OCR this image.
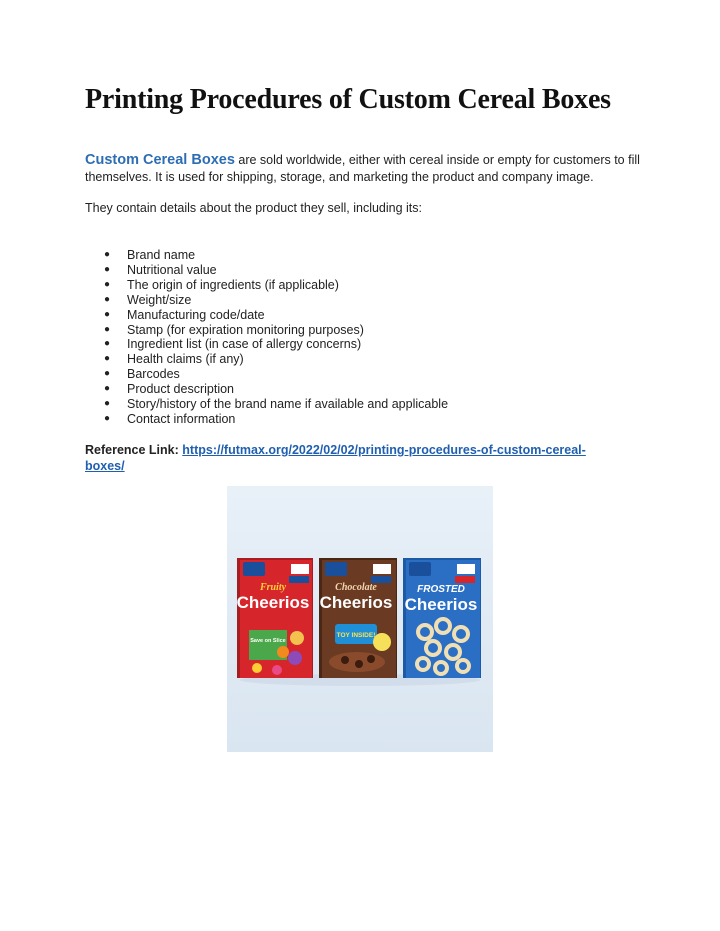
Printing Procedures of Custom Cereal Boxes

Custom Cereal Boxes are sold worldwide, either with cereal inside or empty for customers to fill themselves. It is used for shipping, storage, and marketing the product and company image.

They contain details about the product they sell, including its:

● Brand name
● Nutritional value
● The origin of ingredients (if applicable)
● Weight/size
● Manufacturing code/date
● Stamp (for expiration monitoring purposes)
● Ingredient list (in case of allergy concerns)
● Health claims (if any)
● Barcodes
● Product description
● Story/history of the brand name if available and applicable
● Contact information

Reference Link: https://futmax.org/2022/02/02/printing-procedures-of-custom-cereal-boxes/

Fruity
Cheerios
Save on Slice
Chocolate
Cheerios
TOY INSIDE!
FROSTED
Cheerios
